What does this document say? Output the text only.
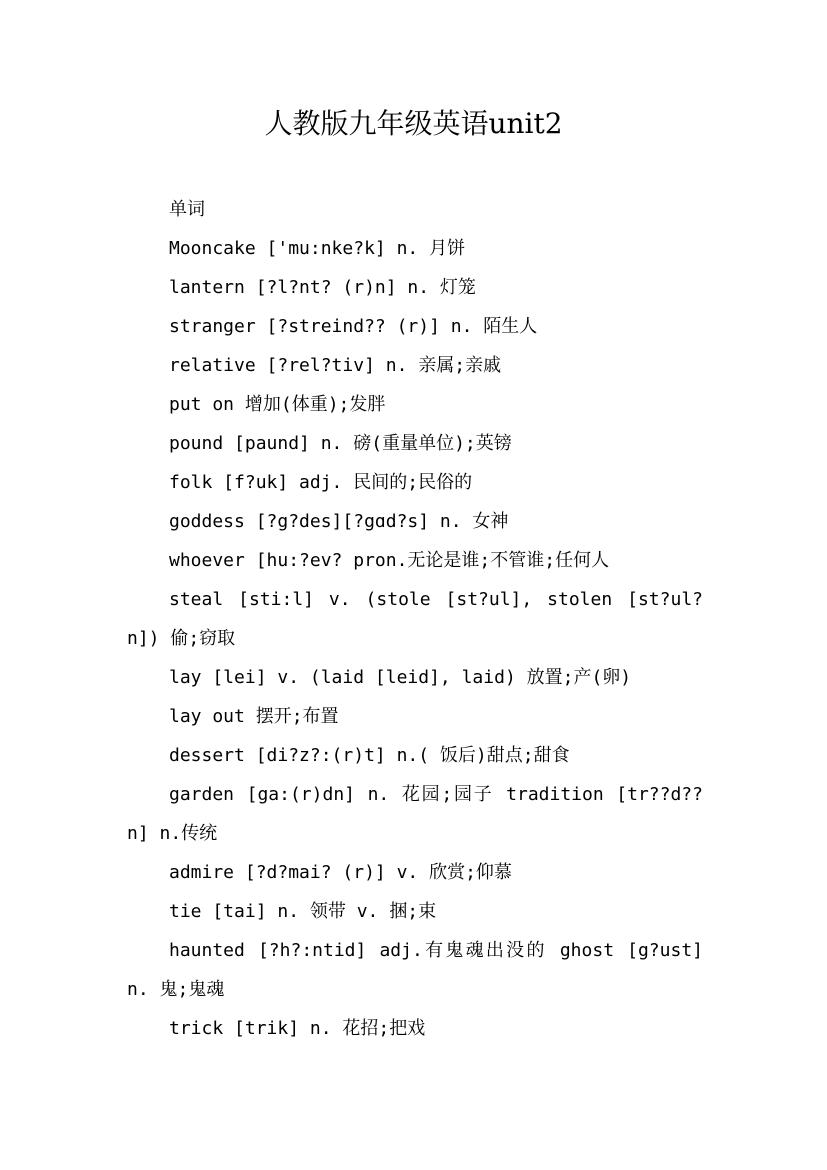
人教版九年级英语unit2
单词
Mooncake ['mu:nke?k] n. 月饼
lantern [?l?nt? (r)n] n. 灯笼
stranger [?streind?? (r)] n. 陌生人
relative [?rel?tiv] n. 亲属;亲戚
put on 增加(体重);发胖
pound [paund] n. 磅(重量单位);英镑
folk [f?uk] adj. 民间的;民俗的
goddess [?g?des][?gɑd?s] n. 女神
whoever [hu:?ev? pron.无论是谁;不管谁;任何人
steal [sti:l] v. (stole [st?ul], stolen [st?ul?n]) 偷;窃取
lay [lei] v. (laid [leid], laid) 放置;产(卵)
lay out 摆开;布置
dessert [di?z?:(r)t] n.( 饭后)甜点;甜食
garden [ga:(r)dn] n. 花园;园子 tradition [tr??d??n] n.传统
admire [?d?mai? (r)] v. 欣赏;仰慕
tie [tai] n. 领带 v. 捆;束
haunted [?h?:ntid] adj.有鬼魂出没的 ghost [g?ust] n. 鬼;鬼魂
trick [trik] n. 花招;把戏
